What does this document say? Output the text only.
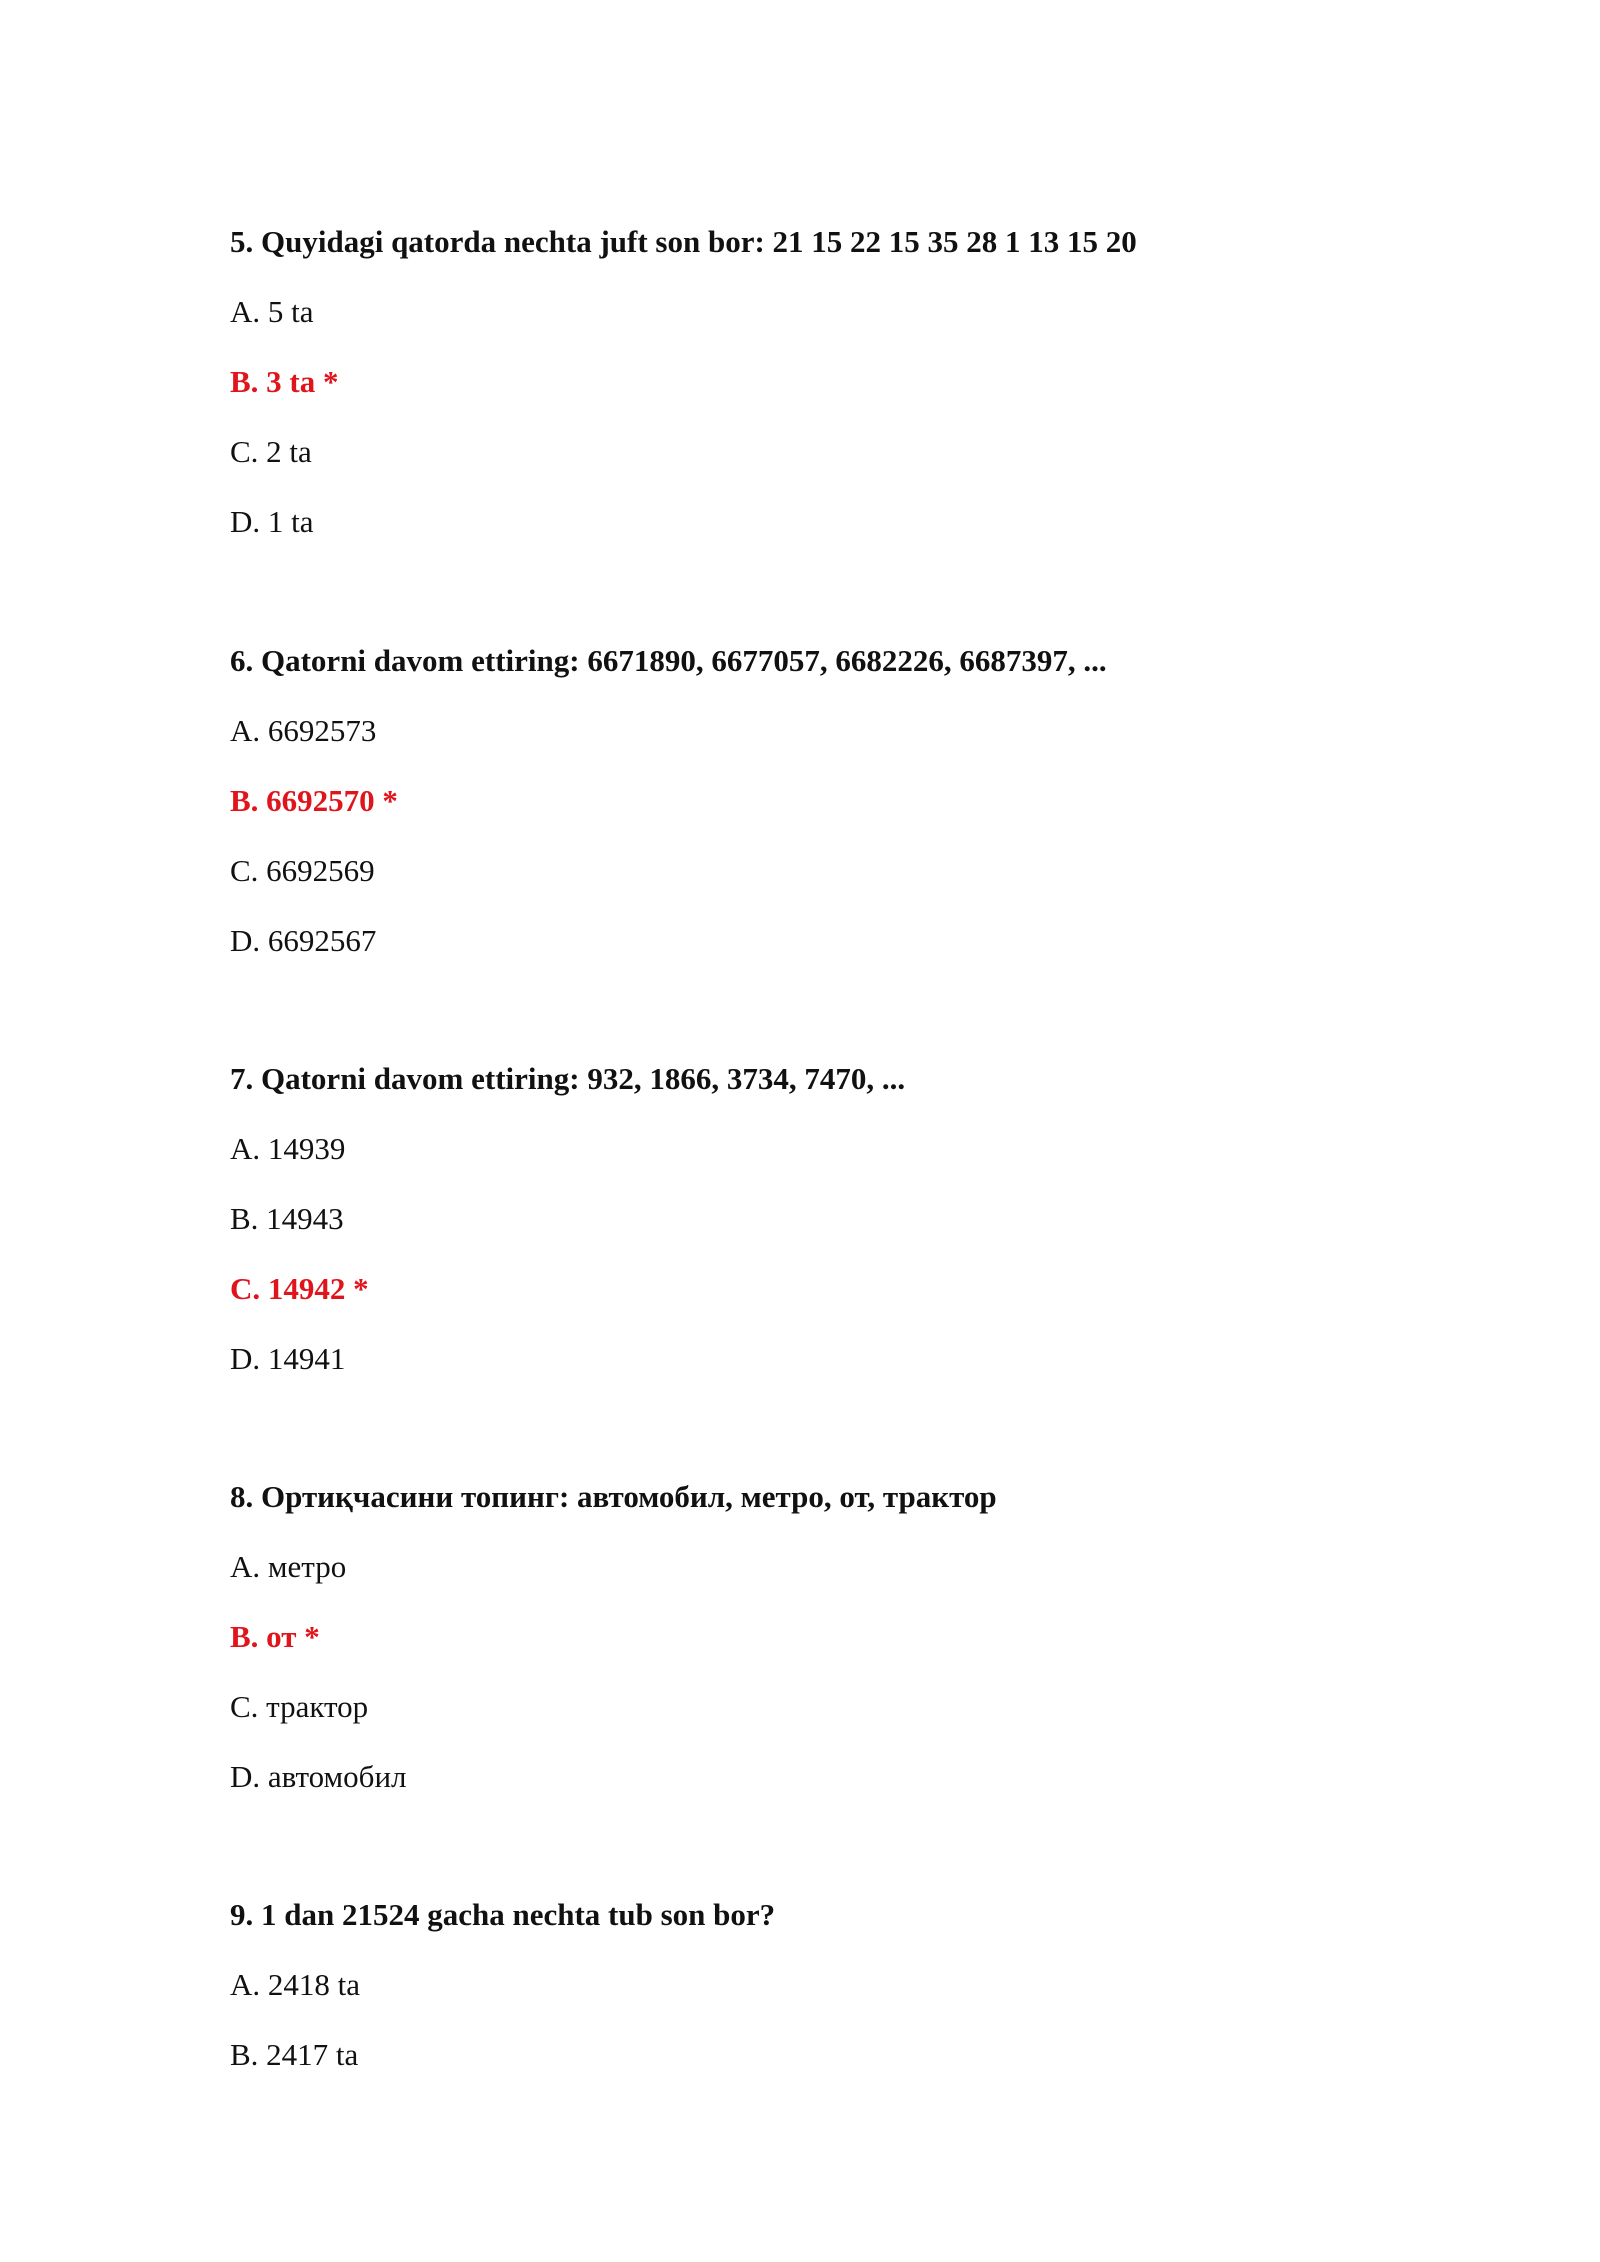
5. Quyidagi qatorda nechta juft son bor: 21 15 22 15 35 28 1 13 15 20

A. 5 ta
B. 3 ta *
C. 2 ta
D. 1 ta

6. Qatorni davom ettiring: 6671890, 6677057, 6682226, 6687397, ...

A. 6692573
B. 6692570 *
C. 6692569
D. 6692567

7. Qatorni davom ettiring: 932, 1866, 3734, 7470, ...

A. 14939
B. 14943
C. 14942 *
D. 14941

8. Ортиқчасини топинг: автомобил, метро, от, трактор

A. метро
B. от *
C. трактор
D. автомобил

9. 1 dan 21524 gacha nechta tub son bor?

A. 2418 ta
B. 2417 ta
